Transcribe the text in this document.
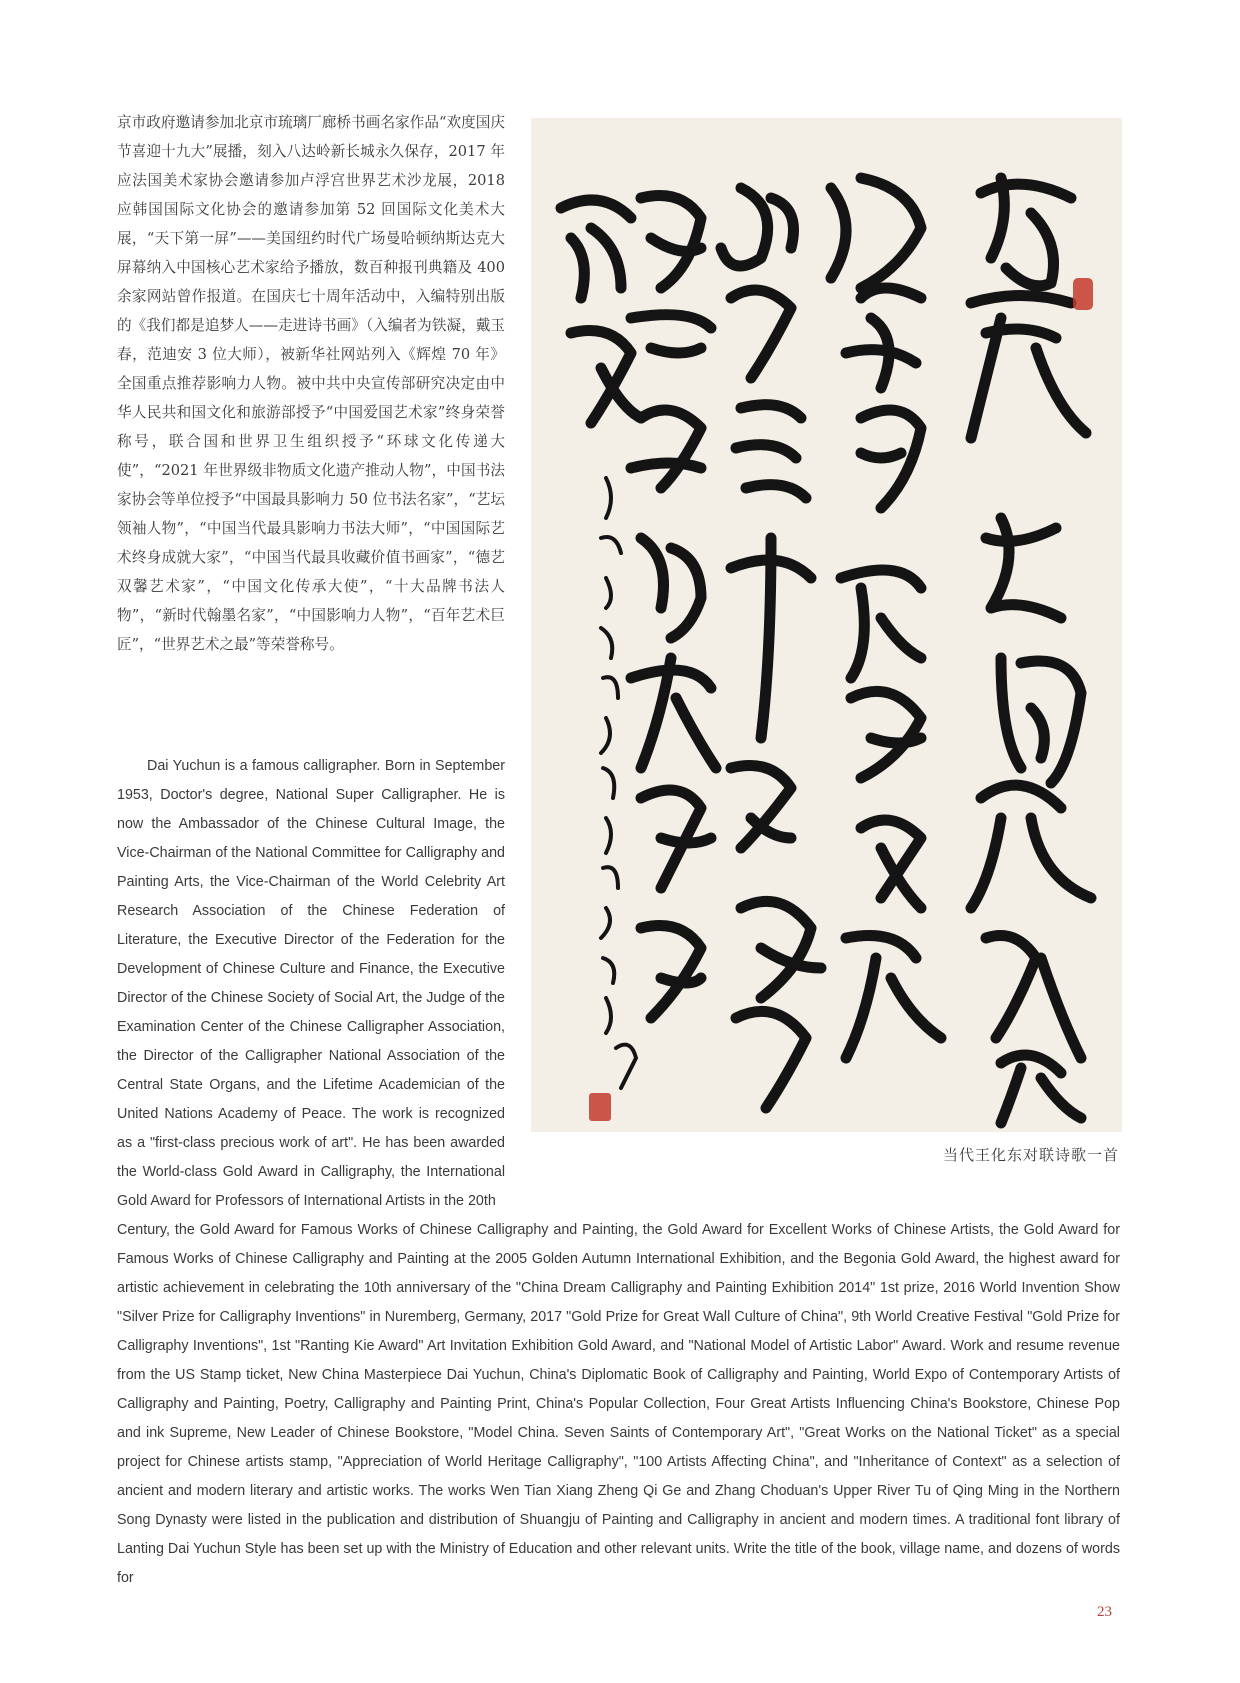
京市政府邀请参加北京市琉璃厂廊桥书画名家作品“欢度国庆节喜迎十九大”展播，刻入八达岭新长城永久保存，2017 年应法国美术家协会邀请参加卢浮宫世界艺术沙龙展，2018 应韩国国际文化协会的邀请参加第 52 回国际文化美术大展，“天下第一屏”——美国纽约时代广场曼哈顿纳斯达克大屏幕纳入中国核心艺术家给予播放，数百种报刊典籍及 400 余家网站曾作报道。在国庆七十周年活动中，入编特别出版的《我们都是追梦人——走进诗书画》（入编者为铁凝，戴玉春，范迪安 3 位大师），被新华社网站列入《辉煌 70 年》全国重点推荐影响力人物。被中共中央宣传部研究决定由中华人民共和国文化和旅游部授予“中国爱国艺术家”终身荣誉称号，联合国和世界卫生组织授予“环球文化传递大使”，“2021 年世界级非物质文化遗产推动人物”，中国书法家协会等单位授予“中国最具影响力 50 位书法名家”，“艺坛领袖人物”，“中国当代最具影响力书法大师”，“中国国际艺术终身成就大家”，“中国当代最具收藏价值书画家”，“德艺双馨艺术家”，“中国文化传承大使”，“十大品牌书法人物”，“新时代翰墨名家”，“中国影响力人物”，“百年艺术巨匠”，“世界艺术之最”等荣誉称号。

Dai Yuchun is a famous calligrapher. Born in September 1953, Doctor's degree, National Super Calligrapher. He is now the Ambassador of the Chinese Cultural Image, the Vice-Chairman of the National Committee for Calligraphy and Painting Arts, the Vice-Chairman of the World Celebrity Art Research Association of the Chinese Federation of Literature, the Executive Director of the Federation for the Development of Chinese Culture and Finance, the Executive Director of the Chinese Society of Social Art, the Judge of the Examination Center of the Chinese Calligrapher Association, the Director of the Calligrapher National Association of the Central State Organs, and the Lifetime Academician of the United Nations Academy of Peace. The work is recognized as a "first-class precious work of art". He has been awarded the World-class Gold Award in Calligraphy, the International Gold Award for Professors of International Artists in the 20th

当代王化东对联诗歌一首

Century, the Gold Award for Famous Works of Chinese Calligraphy and Painting, the Gold Award for Excellent Works of Chinese Artists, the Gold Award for Famous Works of Chinese Calligraphy and Painting at the 2005 Golden Autumn International Exhibition, and the Begonia Gold Award, the highest award for artistic achievement in celebrating the 10th anniversary of the "China Dream Calligraphy and Painting Exhibition 2014" 1st prize, 2016 World Invention Show "Silver Prize for Calligraphy Inventions" in Nuremberg, Germany, 2017 "Gold Prize for Great Wall Culture of China", 9th World Creative Festival "Gold Prize for Calligraphy Inventions", 1st "Ranting Kie Award" Art Invitation Exhibition Gold Award, and "National Model of Artistic Labor" Award. Work and resume revenue from the US Stamp ticket, New China Masterpiece Dai Yuchun, China's Diplomatic Book of Calligraphy and Painting, World Expo of Contemporary Artists of Calligraphy and Painting, Poetry, Calligraphy and Painting Print, China's Popular Collection, Four Great Artists Influencing China's Bookstore, Chinese Pop and ink Supreme, New Leader of Chinese Bookstore, "Model China. Seven Saints of Contemporary Art", "Great Works on the National Ticket" as a special project for Chinese artists stamp, "Appreciation of World Heritage Calligraphy", "100 Artists Affecting China", and "Inheritance of Context" as a selection of ancient and modern literary and artistic works. The works Wen Tian Xiang Zheng Qi Ge and Zhang Choduan's Upper River Tu of Qing Ming in the Northern Song Dynasty were listed in the publication and distribution of Shuangju of Painting and Calligraphy in ancient and modern times. A traditional font library of Lanting Dai Yuchun Style has been set up with the Ministry of Education and other relevant units. Write the title of the book, village name, and dozens of words for

23
